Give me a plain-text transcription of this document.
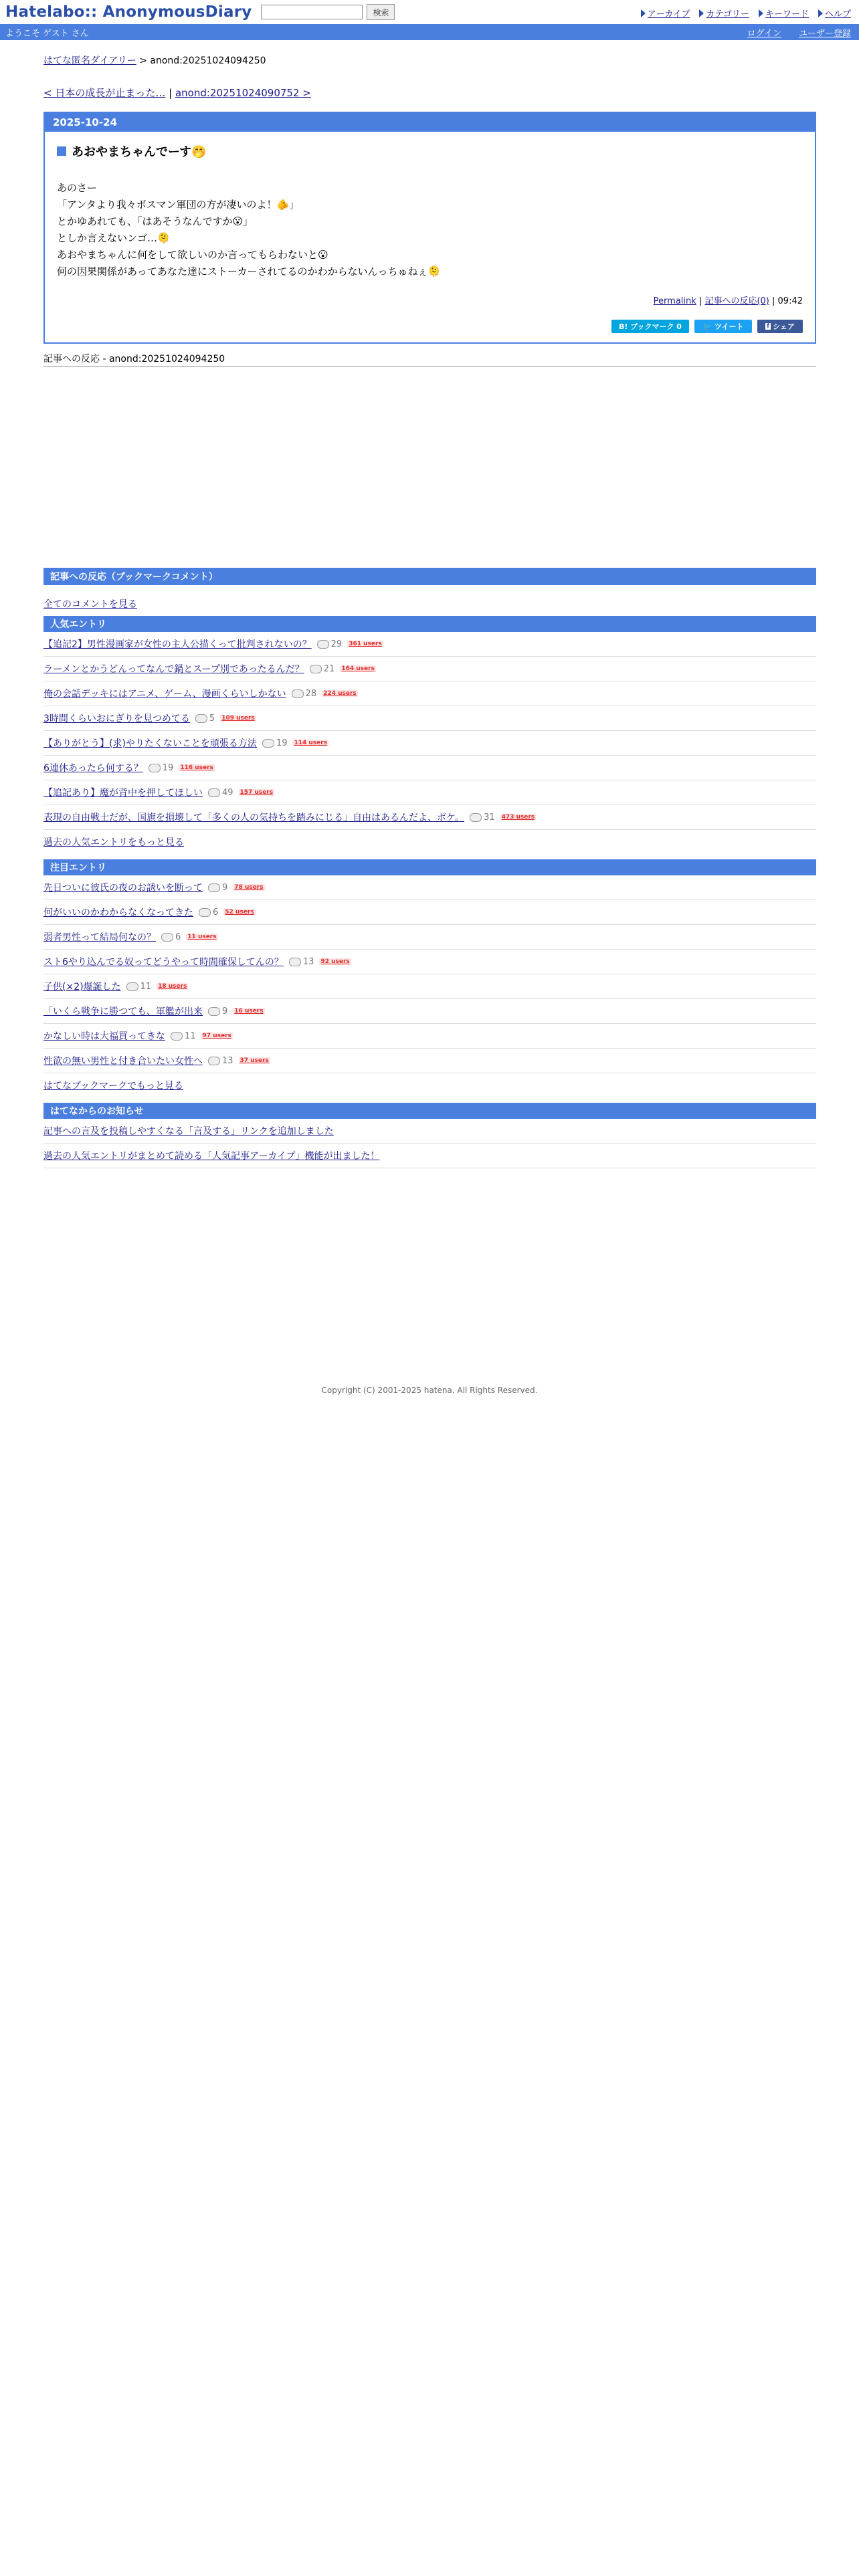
Hatelabo:: AnonymousDiary	検索	アーカイブ カテゴリー キーワード ヘルプ
ようこそ ゲスト さん	ログイン ユーザー登録
はてな匿名ダイアリー > anond:20251024094250
< 日本の成長が止まった… | anond:20251024090752 >
2025-10-24
あおやまちゃんでーす🤭
あのさー
「アンタより我々ボスマン軍団の方が凄いのよ！🫵」
とかゆあれても、「はあそうなんですか😮」
としか言えないンゴ…🫠
あおやまちゃんに何をして欲しいのか言ってもらわないと😮
何の因果関係があってあなた達にストーカーされてるのかわからないんっちゅねぇ🫠
Permalink | 記事への反応(0) | 09:42
B! ブックマーク 0	🐦 ツイート	f シェア
記事への反応 - anond:20251024094250
記事への反応（ブックマークコメント）
全てのコメントを見る
人気エントリ
【追記2】男性漫画家が女性の主人公描くって批判されないの？ 29 361 users
ラーメンとかうどんってなんで鍋とスープ別であったるんだ？ 21 164 users
俺の会話デッキにはアニメ、ゲーム、漫画くらいしかない 28 224 users
3時間くらいおにぎりを見つめてる 5 109 users
【ありがとう】(求)やりたくないことを頑張る方法 19 114 users
6連休あったら何する？ 19 116 users
【追記あり】魔が背中を押してほしい 49 157 users
表現の自由戦士だが、国旗を損壊して「多くの人の気持ちを踏みにじる」自由はあるんだよ、ボケ。 31 473 users
過去の人気エントリをもっと見る
注目エントリ
先日ついに彼氏の夜のお誘いを断って 9 78 users
何がいいのかわからなくなってきた 6 52 users
弱者男性って結局何なの？ 6 11 users
スト6やり込んでる奴ってどうやって時間確保してんの？ 13 92 users
子供(×2)爆誕した 11 18 users
「いくら戦争に勝つても、軍艦が出来 9 16 users
かなしい時は大福買ってきな 11 97 users
性欲の無い男性と付き合いたい女性へ 13 37 users
はてなブックマークでもっと見る
はてなからのお知らせ
記事への言及を投稿しやすくなる「言及する」リンクを追加しました
過去の人気エントリがまとめて読める「人気記事アーカイブ」機能が出ました！
Copyright (C) 2001-2025 hatena. All Rights Reserved.
